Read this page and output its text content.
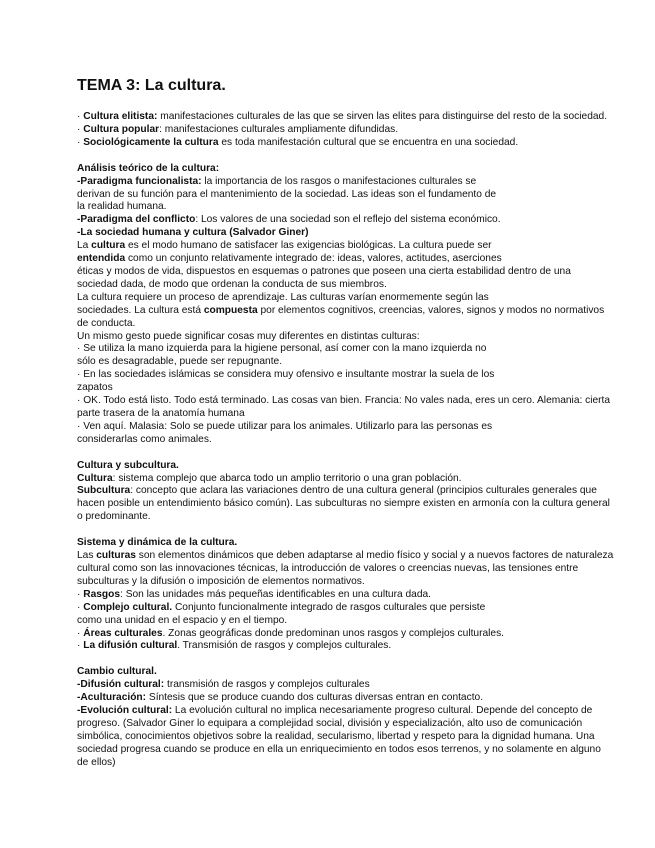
TEMA 3: La cultura.
· Cultura elitista: manifestaciones culturales de las que se sirven las elites para distinguirse del resto de la sociedad.
· Cultura popular: manifestaciones culturales ampliamente difundidas.
· Sociológicamente la cultura es toda manifestación cultural que se encuentra en una sociedad.
Análisis teórico de la cultura:
-Paradigma funcionalista: la importancia de los rasgos o manifestaciones culturales se
derivan de su función para el mantenimiento de la sociedad. Las ideas son el fundamento de
la realidad humana.
-Paradigma del conflicto: Los valores de una sociedad son el reflejo del sistema económico.
-La sociedad humana y cultura (Salvador Giner)
La cultura es el modo humano de satisfacer las exigencias biológicas. La cultura puede ser
entendida como un conjunto relativamente integrado de: ideas, valores, actitudes, aserciones
éticas y modos de vida, dispuestos en esquemas o patrones que poseen una cierta estabilidad dentro de una
sociedad dada, de modo que ordenan la conducta de sus miembros.
La cultura requiere un proceso de aprendizaje. Las culturas varían enormemente según las
sociedades. La cultura está compuesta por elementos cognitivos, creencias, valores, signos y modos no normativos
de conducta.
Un mismo gesto puede significar cosas muy diferentes en distintas culturas:
· Se utiliza la mano izquierda para la higiene personal, así comer con la mano izquierda no
sólo es desagradable, puede ser repugnante.
· En las sociedades islámicas se considera muy ofensivo e insultante mostrar la suela de los
zapatos
· OK. Todo está listo. Todo está terminado. Las cosas van bien. Francia: No vales nada, eres un cero. Alemania: cierta
parte trasera de la anatomía humana
· Ven aquí. Malasia: Solo se puede utilizar para los animales. Utilizarlo para las personas es
considerarlas como animales.
Cultura y subcultura.
Cultura: sistema complejo que abarca todo un amplio territorio o una gran población.
Subcultura: concepto que aclara las variaciones dentro de una cultura general (principios culturales generales que
hacen posible un entendimiento básico común). Las subculturas no siempre existen en armonía con la cultura general
o predominante.
Sistema y dinámica de la cultura.
Las culturas son elementos dinámicos que deben adaptarse al medio físico y social y a nuevos factores de naturaleza
cultural como son las innovaciones técnicas, la introducción de valores o creencias nuevas, las tensiones entre
subculturas y la difusión o imposición de elementos normativos.
· Rasgos: Son las unidades más pequeñas identificables en una cultura dada.
· Complejo cultural. Conjunto funcionalmente integrado de rasgos culturales que persiste
como una unidad en el espacio y en el tiempo.
· Áreas culturales. Zonas geográficas donde predominan unos rasgos y complejos culturales.
· La difusión cultural. Transmisión de rasgos y complejos culturales.
Cambio cultural.
-Difusión cultural: transmisión de rasgos y complejos culturales
-Aculturación: Síntesis que se produce cuando dos culturas diversas entran en contacto.
-Evolución cultural: La evolución cultural no implica necesariamente progreso cultural. Depende del concepto de
progreso. (Salvador Giner lo equipara a complejidad social, división y especialización, alto uso de comunicación
simbólica, conocimientos objetivos sobre la realidad, secularismo, libertad y respeto para la dignidad humana. Una
sociedad progresa cuando se produce en ella un enriquecimiento en todos esos terrenos, y no solamente en alguno
de ellos)
